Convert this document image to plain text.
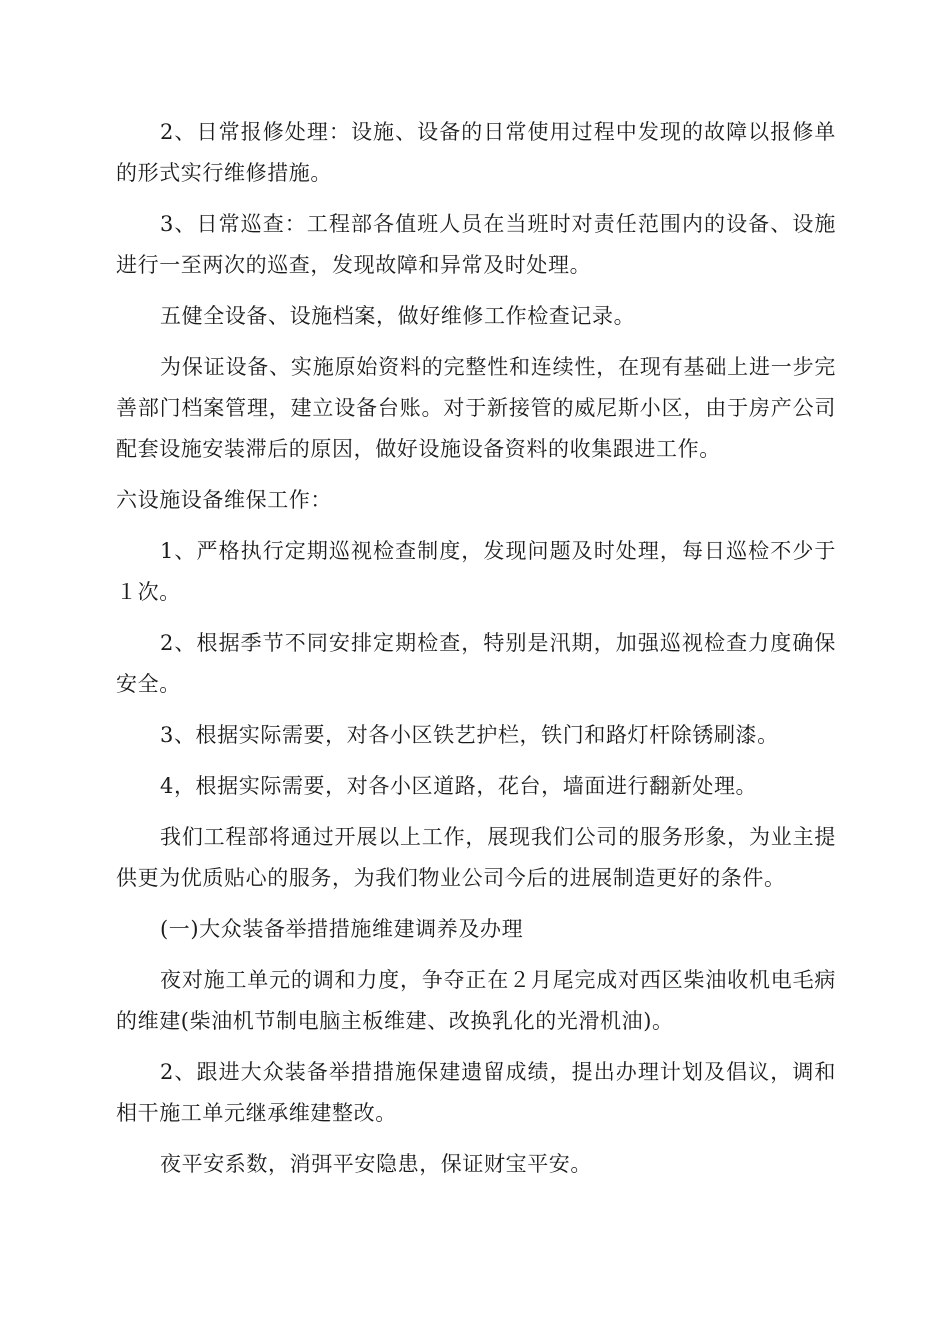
2、日常报修处理：设施、设备的日常使用过程中发现的故障以报修单的形式实行维修措施。

3、日常巡查：工程部各值班人员在当班时对责任范围内的设备、设施进行一至两次的巡查，发现故障和异常及时处理。

五健全设备、设施档案，做好维修工作检查记录。

为保证设备、实施原始资料的完整性和连续性，在现有基础上进一步完善部门档案管理，建立设备台账。对于新接管的威尼斯小区，由于房产公司配套设施安装滞后的原因，做好设施设备资料的收集跟进工作。

六设施设备维保工作：

1、严格执行定期巡视检查制度，发现问题及时处理，每日巡检不少于１次。

2、根据季节不同安排定期检查，特别是汛期，加强巡视检查力度确保安全。

3、根据实际需要，对各小区铁艺护栏，铁门和路灯杆除锈刷漆。

4，根据实际需要，对各小区道路，花台，墙面进行翻新处理。

我们工程部将通过开展以上工作，展现我们公司的服务形象，为业主提供更为优质贴心的服务，为我们物业公司今后的进展制造更好的条件。

(一)大众装备举措措施维建调养及办理

夜对施工单元的调和力度，争夺正在２月尾完成对西区柴油收机电毛病的维建(柴油机节制电脑主板维建、改换乳化的光滑机油)。

2、跟进大众装备举措措施保建遗留成绩，提出办理计划及倡议，调和相干施工单元继承维建整改。

夜平安系数，消弭平安隐患，保证财宝平安。
